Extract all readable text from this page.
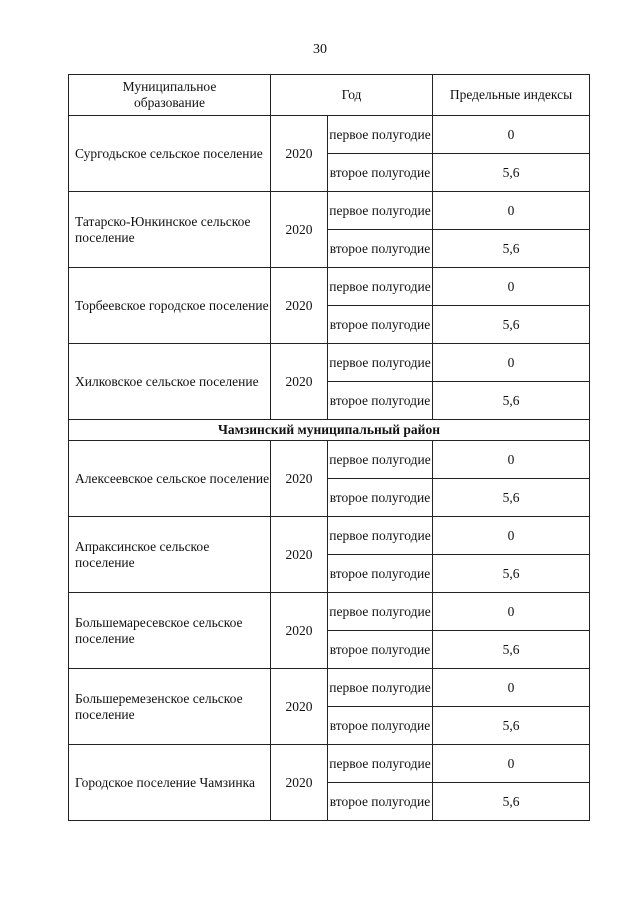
30
Муниципальное образование	Год		Предельные индексы
Сургодьское сельское поселение	2020	первое полугодие	0
		второе полугодие	5,6
Татарско-Юнкинское сельское поселение	2020	первое полугодие	0
		второе полугодие	5,6
Торбеевское городское поселение	2020	первое полугодие	0
		второе полугодие	5,6
Хилковское сельское поселение	2020	первое полугодие	0
		второе полугодие	5,6
Чамзинский муниципальный район			
Алексеевское сельское поселение	2020	первое полугодие	0
		второе полугодие	5,6
Апраксинское сельское поселение	2020	первое полугодие	0
		второе полугодие	5,6
Большемаресевское сельское поселение	2020	первое полугодие	0
		второе полугодие	5,6
Большеремезенское сельское поселение	2020	первое полугодие	0
		второе полугодие	5,6
Городское поселение Чамзинка	2020	первое полугодие	0
		второе полугодие	5,6
